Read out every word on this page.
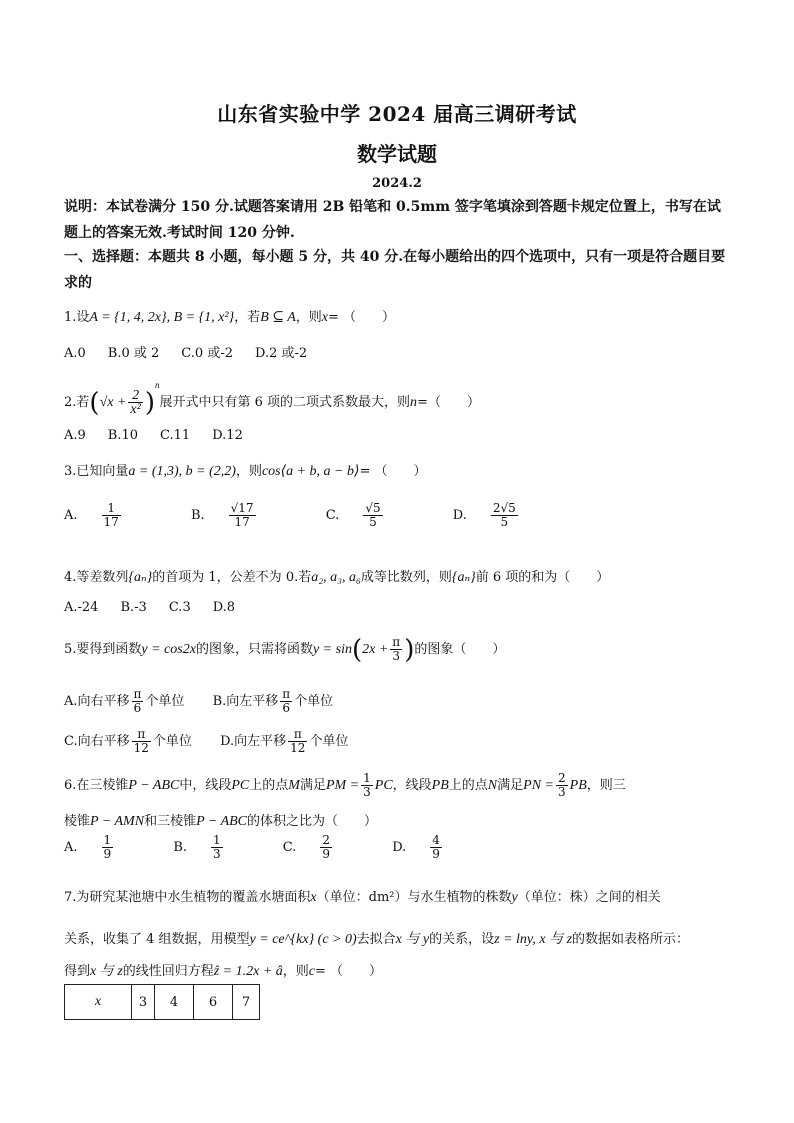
山东省实验中学 2024 届高三调研考试
数学试题
2024.2
说明：本试卷满分 150 分.试题答案请用 2B 铅笔和 0.5mm 签字笔填涂到答题卡规定位置上，书写在试题上的答案无效.考试时间 120 分钟.
一、选择题：本题共 8 小题，每小题 5 分，共 40 分.在每小题给出的四个选项中，只有一项是符合题目要求的
1.设A = {1, 4, 2x}, B = {1, x²}，若B ⊆ A，则x= （　　）
A.0 B.0 或 2 C.0 或-2 D.2 或-2
2.若$(√x + \frac{2}{\text{x²}} )^n$展开式中只有第 6 项的二项式系数最大，则n=（　　）
A.9 B.10 C.11 D.12
3.已知向量a = (1,3), b = (2,2)，则cos⟨a + b, a − b⟩= （　　）
A. $\frac{1}{17}$	B. $\frac{√17}{17}$	C. $\frac{√5}{5}$	D. $\frac{2√5}{5}$
4.等差数列{aₙ}的首项为 1，公差不为 0.若a₂, a₃, a₆成等比数列，则{aₙ}前 6 项的和为（　　）
A.-24 B.-3 C.3 D.8
5.要得到函数y = cos2x的图象，只需将函数$y = \sin(2x + \frac{\pi}{3}$ )的图象（　　）
A.向右平移 $\frac{\pi}{6}$ 个单位 B.向左平移 $\frac{\pi}{6}$ 个单位
C.向右平移 $\frac{\pi}{12}$ 个单位 D.向左平移 $\frac{\pi}{12}$ 个单位
6.在三棱锥P − ABC中，线段PC上的点M满足PM = $\frac{1}{3}$ PC，线段PB上的点N满足PN = $\frac{2}{3}$ PB，则三
棱锥P − AMN和三棱锥P − ABC的体积之比为（　　）
A. $\frac{1}{9}$	B. $\frac{1}{3}$	C. $\frac{2}{9}$	D. $\frac{4}{9}$
7.为研究某池塘中水生植物的覆盖水塘面积x（单位：dm²）与水生植物的株数y（单位：株）之间的相关
关系，收集了 4 组数据，用模型y = ce^{kx} (c > 0)去拟合x 与 y的关系，设z = lny, x 与 z的数据如表格所示：
得到x 与 z的线性回归方程ẑ = 1.2x + â，则c= （　　）
x	3	4	6	7
